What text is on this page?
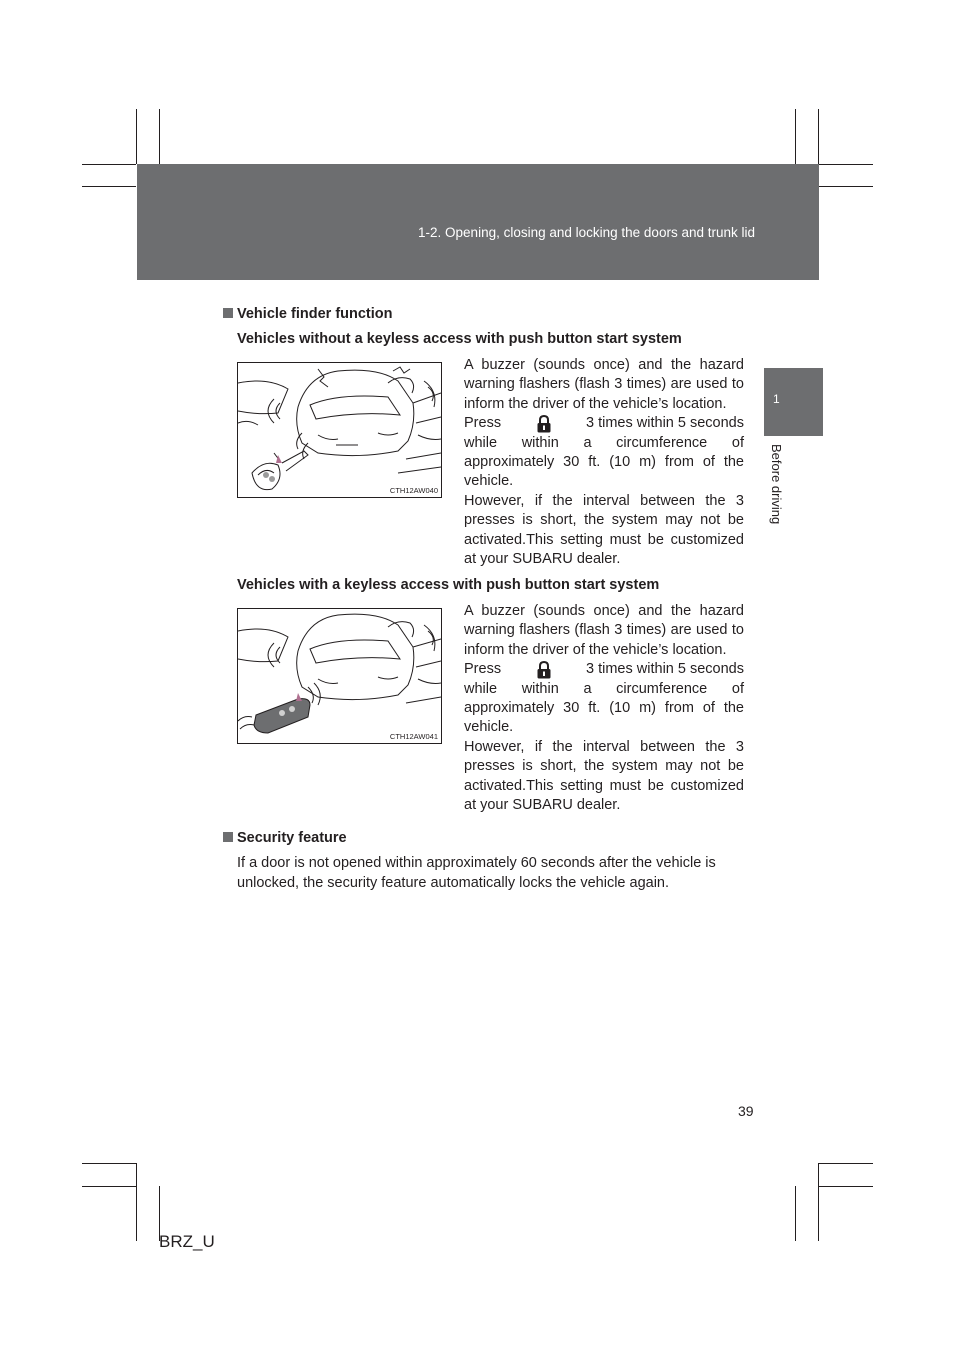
1-2. Opening, closing and locking the doors and trunk lid
1
Before driving
Vehicle finder function
Vehicles without a keyless access with push button start system
CTH12AW040

A buzzer (sounds once) and the hazard warning flashers (flash 3 times) are used to inform the driver of the vehicle’s location.

Press	3 times within 5 seconds

while within a circumference of approximately 30 ft. (10 m) from of the vehicle.

However, if the interval between the 3 presses is short, the system may not be activated.This setting must be customized at your SUBARU dealer.

Vehicles with a keyless access with push button start system
CTH12AW041

A buzzer (sounds once) and the hazard warning flashers (flash 3 times) are used to inform the driver of the vehicle’s location.

Press	3 times within 5 seconds

while within a circumference of approximately 30 ft. (10 m) from of the vehicle.

However, if the interval between the 3 presses is short, the system may not be activated.This setting must be customized at your SUBARU dealer.

Security feature
If a door is not opened within approximately 60 seconds after the vehicle is unlocked, the security feature automatically locks the vehicle again.
39
BRZ_U
